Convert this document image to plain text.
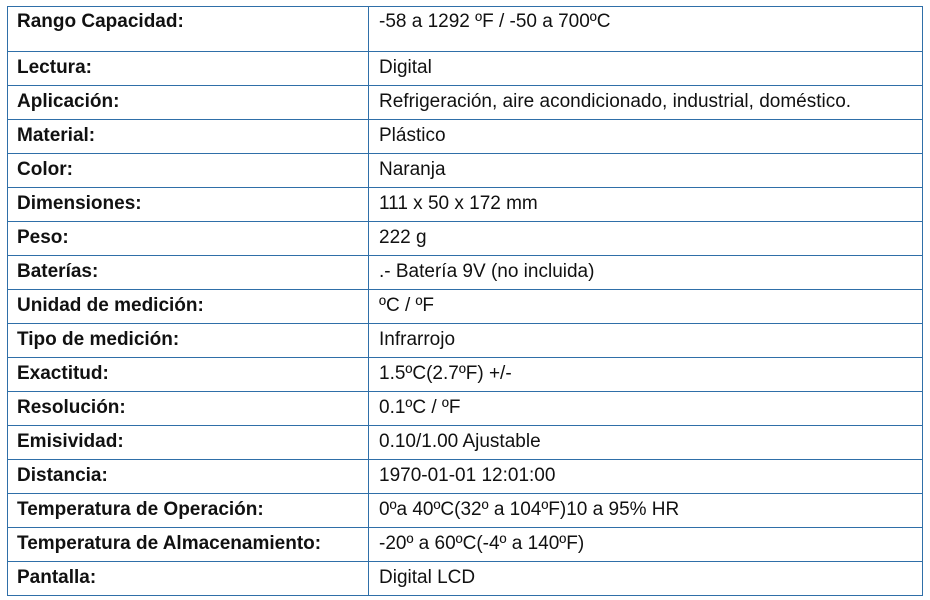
Rango Capacidad:	-58 a 1292 ºF / -50 a 700ºC
Lectura:	Digital
Aplicación:	Refrigeración, aire acondicionado, industrial, doméstico.
Material:	Plástico
Color:	Naranja
Dimensiones:	111 x 50 x 172 mm
Peso:	222 g
Baterías:	.- Batería 9V (no incluida)
Unidad de medición:	ºC / ºF
Tipo de medición:	Infrarrojo
Exactitud:	1.5ºC(2.7ºF) +/-
Resolución:	0.1ºC / ºF
Emisividad:	0.10/1.00 Ajustable
Distancia:	1970-01-01 12:01:00
Temperatura de Operación:	0ºa 40ºC(32º a 104ºF)10 a 95% HR
Temperatura de Almacenamiento:	-20º a 60ºC(-4º a 140ºF)
Pantalla:	Digital LCD
